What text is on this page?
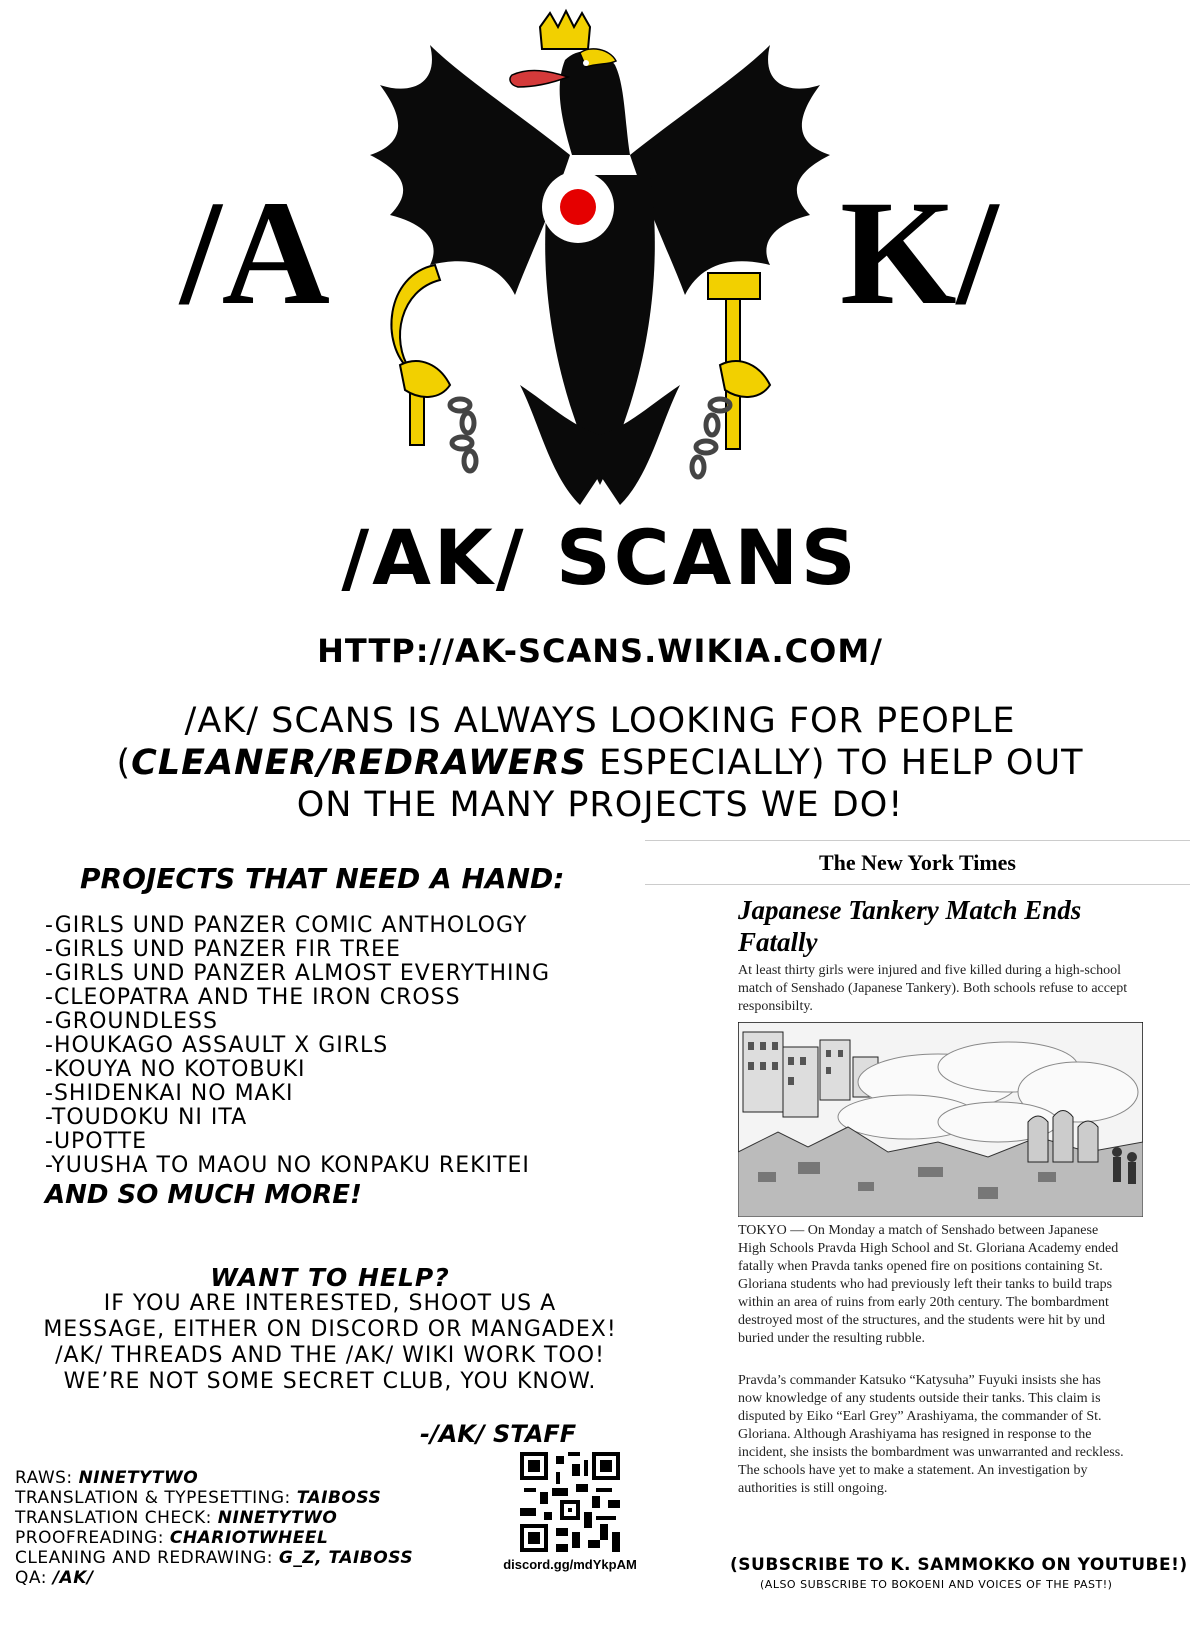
/A	K/
/AK/ SCANS
HTTP://AK-SCANS.WIKIA.COM/
/AK/ SCANS IS ALWAYS LOOKING FOR PEOPLE
(CLEANER/REDRAWERS ESPECIALLY) TO HELP OUT
ON THE MANY PROJECTS WE DO!
PROJECTS THAT NEED A HAND:
-GIRLS UND PANZER COMIC ANTHOLOGY
-GIRLS UND PANZER FIR TREE
-GIRLS UND PANZER ALMOST EVERYTHING
-CLEOPATRA AND THE IRON CROSS
-GROUNDLESS
-HOUKAGO ASSAULT X GIRLS
-KOUYA NO KOTOBUKI
-SHIDENKAI NO MAKI
-TOUDOKU NI ITA
-UPOTTE
-YUUSHA TO MAOU NO KONPAKU REKITEI
AND SO MUCH MORE!
WANT TO HELP?
IF YOU ARE INTERESTED, SHOOT US A
MESSAGE, EITHER ON DISCORD OR MANGADEX!
/AK/ THREADS AND THE /AK/ WIKI WORK TOO!
WE’RE NOT SOME SECRET CLUB, YOU KNOW.
-/AK/ STAFF
RAWS: NINETYTWO
TRANSLATION & TYPESETTING: TAIBOSS
TRANSLATION CHECK: NINETYTWO
PROOFREADING: CHARIOTWHEEL
CLEANING AND REDRAWING: G_Z, TAIBOSS
QA: /AK/
discord.gg/mdYkpAM
The New York Times
Japanese Tankery Match Ends
Fatally
At least thirty girls were injured and five killed during a high-school match of Senshado (Japanese Tankery). Both schools refuse to accept responsibilty.
TOKYO — On Monday a match of Senshado between Japanese High Schools Pravda High School and St. Gloriana Academy ended fatally when Pravda tanks opened fire on positions containing St. Gloriana students who had previously left their tanks to build traps within an area of ruins from early 20th century. The bombardment destroyed most of the structures, and the students were hit by und buried under the resulting rubble.
Pravda’s commander Katsuko “Katysuha” Fuyuki insists she has now knowledge of any students outside their tanks. This claim is disputed by Eiko “Earl Grey” Arashiyama, the commander of St. Gloriana. Although Arashiyama has resigned in response to the incident, she insists the bombardment was unwarranted and reckless. The schools have yet to make a statement. An investigation by authorities is still ongoing.
(SUBSCRIBE TO K. SAMMOKKO ON YOUTUBE!)
(ALSO SUBSCRIBE TO BOKOENI AND VOICES OF THE PAST!)
